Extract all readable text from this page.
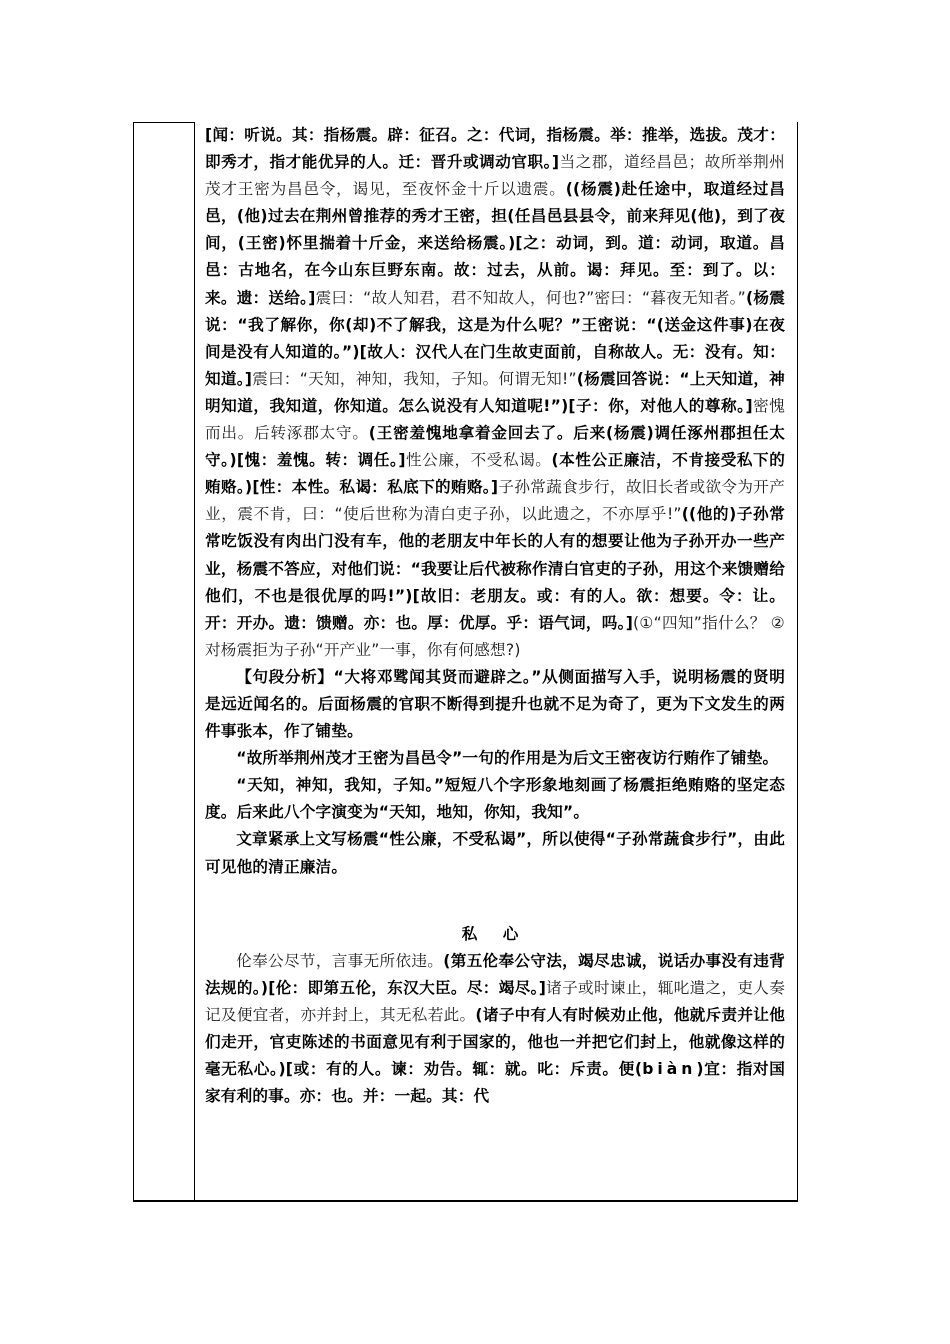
[闻：听说。其：指杨震。辟：征召。之：代词，指杨震。举：推举，选拔。茂才：即秀才，指才能优异的人。迁：晋升或调动官职。]当之郡，道经昌邑；故所举荆州茂才王密为昌邑令，谒见，至夜怀金十斤以遗震。((杨震)赴任途中，取道经过昌邑，(他)过去在荆州曾推荐的秀才王密，担(任昌邑县县令，前来拜见(他)，到了夜间，(王密)怀里揣着十斤金，来送给杨震。)[之：动词，到。道：动词，取道。昌邑：古地名，在今山东巨野东南。故：过去，从前。谒：拜见。至：到了。以：来。遗：送给。]震曰：“故人知君，君不知故人，何也?”密曰：“暮夜无知者。”(杨震说：“我了解你，你(却)不了解我，这是为什么呢？”王密说：“(送金这件事)在夜间是没有人知道的。”)[故人：汉代人在门生故吏面前，自称故人。无：没有。知：知道。]震曰：“天知，神知，我知，子知。何谓无知!”(杨震回答说：“上天知道，神明知道，我知道，你知道。怎么说没有人知道呢!”)[子：你，对他人的尊称。]密愧而出。后转涿郡太守。(王密羞愧地拿着金回去了。后来(杨震)调任涿州郡担任太守。)[愧：羞愧。转：调任。]性公廉，不受私谒。(本性公正廉洁，不肯接受私下的贿赂。)[性：本性。私谒：私底下的贿赂。]子孙常蔬食步行，故旧长者或欲令为开产业，震不肯，曰：“使后世称为清白吏子孙，以此遗之，不亦厚乎!”((他的)子孙常常吃饭没有肉出门没有车，他的老朋友中年长的人有的想要让他为子孙开办一些产业，杨震不答应，对他们说：“我要让后代被称作清白官吏的子孙，用这个来馈赠给他们，不也是很优厚的吗!”)[故旧：老朋友。或：有的人。欲：想要。令：让。开：开办。遗：馈赠。亦：也。厚：优厚。乎：语气词，吗。](①“四知”指什么？ ②对杨震拒为子孙“开产业”一事，你有何感想?)

【句段分析】“大将邓骘闻其贤而避辟之。”从侧面描写入手，说明杨震的贤明是远近闻名的。后面杨震的官职不断得到提升也就不足为奇了，更为下文发生的两件事张本，作了铺垫。

“故所举荆州茂才王密为昌邑令”一句的作用是为后文王密夜访行贿作了铺垫。

“天知，神知，我知，子知。”短短八个字形象地刻画了杨震拒绝贿赂的坚定态度。后来此八个字演变为“天知，地知，你知，我知”。

文章紧承上文写杨震“性公廉，不受私谒”，所以使得“子孙常蔬食步行”，由此可见他的清正廉洁。

私 心

伦奉公尽节，言事无所依违。(第五伦奉公守法，竭尽忠诚，说话办事没有违背法规的。)[伦：即第五伦，东汉大臣。尽：竭尽。]诸子或时谏止，辄叱遣之，吏人奏记及便宜者，亦并封上，其无私若此。(诸子中有人有时候劝止他，他就斥责并让他们走开，官吏陈述的书面意见有利于国家的，他也一并把它们封上，他就像这样的毫无私心。)[或：有的人。谏：劝告。辄：就。叱：斥责。便(biàn)宜：指对国家有利的事。亦：也。并：一起。其：代
